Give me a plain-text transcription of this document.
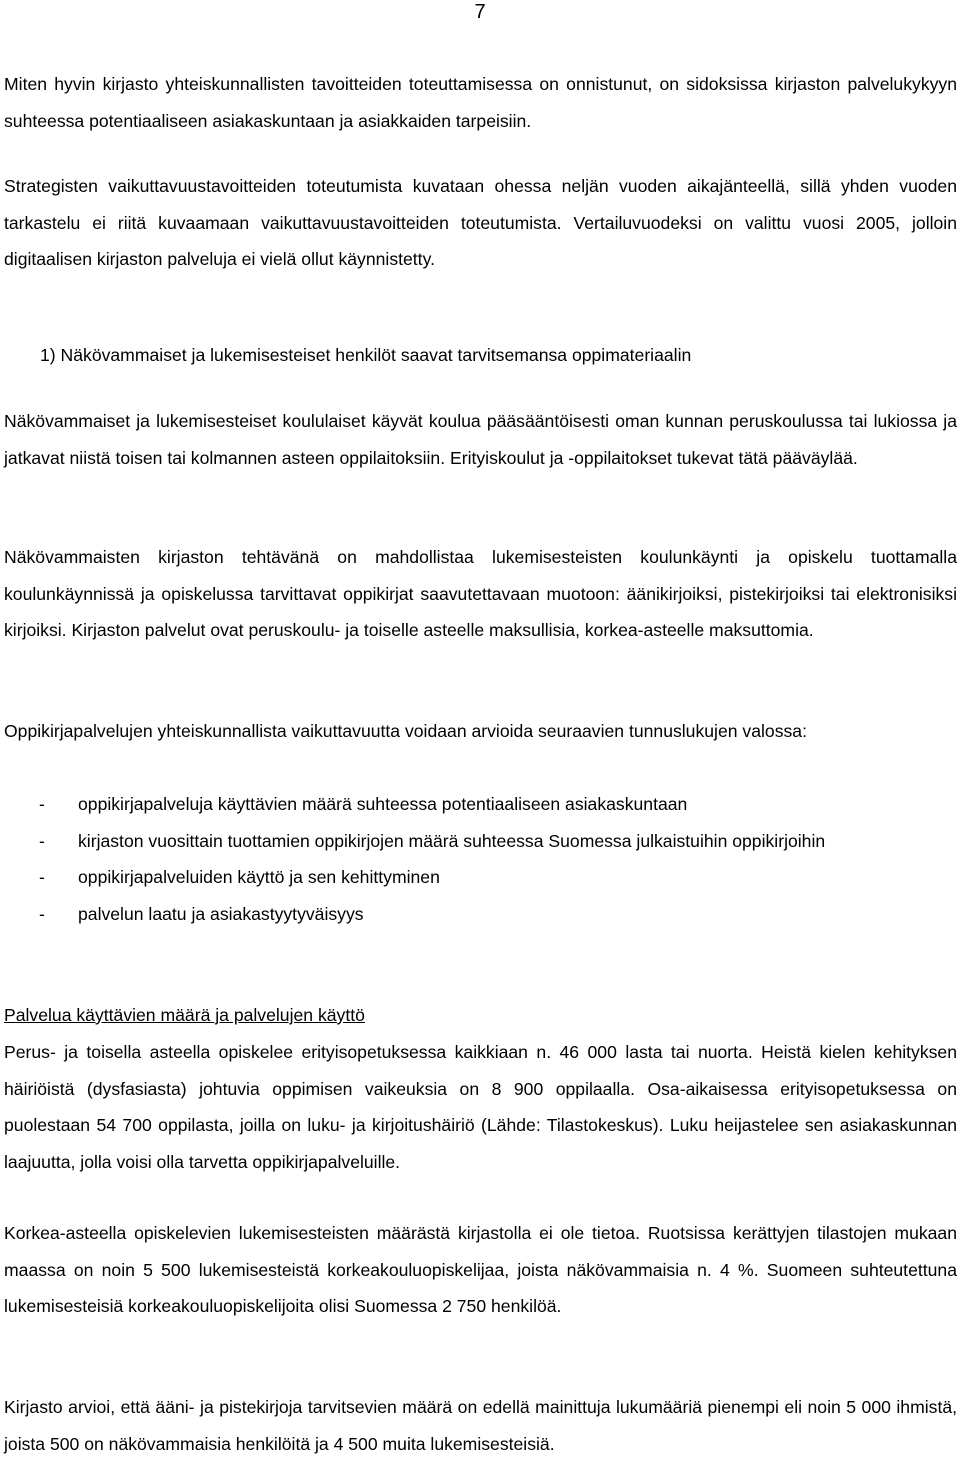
7

Miten hyvin kirjasto yhteiskunnallisten tavoitteiden toteuttamisessa on onnistunut, on sidoksissa kirjaston palvelukykyyn suhteessa potentiaaliseen asiakaskuntaan ja asiakkaiden tarpeisiin.

Strategisten vaikuttavuustavoitteiden toteutumista kuvataan ohessa neljän vuoden aikajänteellä, sillä yhden vuoden tarkastelu ei riitä kuvaamaan vaikuttavuustavoitteiden toteutumista. Vertailuvuodeksi on valittu vuosi 2005, jolloin digitaalisen kirjaston palveluja ei vielä ollut käynnistetty.

1) Näkövammaiset ja lukemisesteiset henkilöt saavat tarvitsemansa oppimateriaalin

Näkövammaiset ja lukemisesteiset koululaiset käyvät koulua pääsääntöisesti oman kunnan peruskoulussa tai lukiossa ja jatkavat niistä toisen tai kolmannen asteen oppilaitoksiin. Erityiskoulut ja -oppilaitokset tukevat tätä pääväylää.

Näkövammaisten kirjaston tehtävänä on mahdollistaa lukemisesteisten koulunkäynti ja opiskelu tuottamalla koulunkäynnissä ja opiskelussa tarvittavat oppikirjat saavutettavaan muotoon: äänikirjoiksi, pistekirjoiksi tai elektronisiksi kirjoiksi. Kirjaston palvelut ovat peruskoulu- ja toiselle asteelle maksullisia, korkea-asteelle maksuttomia.

Oppikirjapalvelujen yhteiskunnallista vaikuttavuutta voidaan arvioida seuraavien tunnuslukujen valossa:

- oppikirjapalveluja käyttävien määrä suhteessa potentiaaliseen asiakaskuntaan
- kirjaston vuosittain tuottamien oppikirjojen määrä suhteessa Suomessa julkaistuihin oppikirjoihin
- oppikirjapalveluiden käyttö ja sen kehittyminen
- palvelun laatu ja asiakastyytyväisyys
Palvelua käyttävien määrä ja palvelujen käyttö

Perus- ja toisella asteella opiskelee erityisopetuksessa kaikkiaan n. 46 000 lasta tai nuorta. Heistä kielen kehityksen häiriöistä (dysfasiasta) johtuvia oppimisen vaikeuksia on 8 900 oppilaalla. Osa-aikaisessa erityisopetuksessa on puolestaan 54 700 oppilasta, joilla on luku- ja kirjoitushäiriö (Lähde: Tilastokeskus). Luku heijastelee sen asiakaskunnan laajuutta, jolla voisi olla tarvetta oppikirjapalveluille.

Korkea-asteella opiskelevien lukemisesteisten määrästä kirjastolla ei ole tietoa. Ruotsissa kerättyjen tilastojen mukaan maassa on noin 5 500 lukemisesteistä korkeakouluopiskelijaa, joista näkövammaisia n. 4 %. Suomeen suhteutettuna lukemisesteisiä korkeakouluopiskelijoita olisi Suomessa 2 750 henkilöä.

Kirjasto arvioi, että ääni- ja pistekirjoja tarvitsevien määrä on edellä mainittuja lukumääriä pienempi eli noin 5 000 ihmistä, joista 500 on näkövammaisia henkilöitä ja 4 500 muita lukemisesteisiä.
